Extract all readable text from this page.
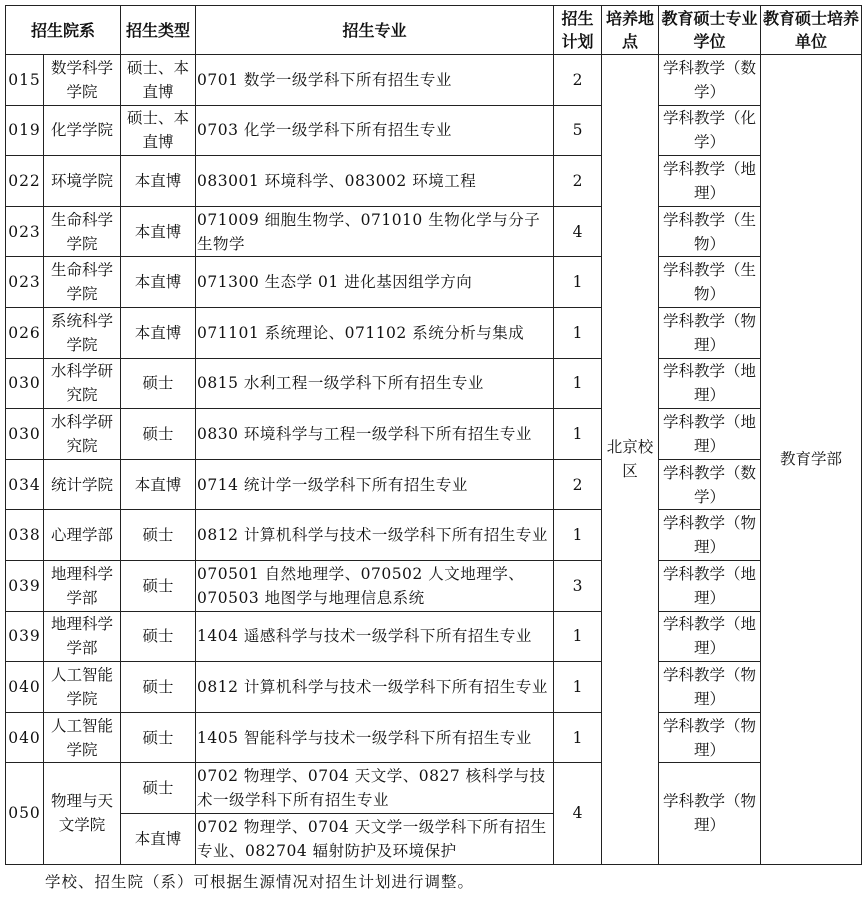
招生院系		招生类型	招生专业	招生计划	培养地点	教育硕士专业学位	教育硕士培养单位
015	数学科学学院	硕士、本直博	0701 数学一级学科下所有招生专业	2	北京校区	学科教学（数学）	教育学部
019	化学学院	硕士、本直博	0703 化学一级学科下所有招生专业	5		学科教学（化学）	
022	环境学院	本直博	083001 环境科学、083002 环境工程	2		学科教学（地理）	
023	生命科学学院	本直博	071009 细胞生物学、071010 生物化学与分子生物学	4		学科教学（生物）	
023	生命科学学院	本直博	071300 生态学 01 进化基因组学方向	1		学科教学（生物）	
026	系统科学学院	本直博	071101 系统理论、071102 系统分析与集成	1		学科教学（物理）	
030	水科学研究院	硕士	0815 水利工程一级学科下所有招生专业	1		学科教学（地理）	
030	水科学研究院	硕士	0830 环境科学与工程一级学科下所有招生专业	1		学科教学（地理）	
034	统计学院	本直博	0714 统计学一级学科下所有招生专业	2		学科教学（数学）	
038	心理学部	硕士	0812 计算机科学与技术一级学科下所有招生专业	1		学科教学（物理）	
039	地理科学学部	硕士	070501 自然地理学、070502 人文地理学、070503 地图学与地理信息系统	3		学科教学（地理）	
039	地理科学学部	硕士	1404 遥感科学与技术一级学科下所有招生专业	1		学科教学（地理）	
040	人工智能学院	硕士	0812 计算机科学与技术一级学科下所有招生专业	1		学科教学（物理）	
040	人工智能学院	硕士	1405 智能科学与技术一级学科下所有招生专业	1		学科教学（物理）	
050	物理与天文学院	硕士	0702 物理学、0704 天文学、0827 核科学与技术一级学科下所有招生专业	4		学科教学（物理）	
		本直博	0702 物理学、0704 天文学一级学科下所有招生专业、082704 辐射防护及环境保护				
学校、招生院（系）可根据生源情况对招生计划进行调整。
